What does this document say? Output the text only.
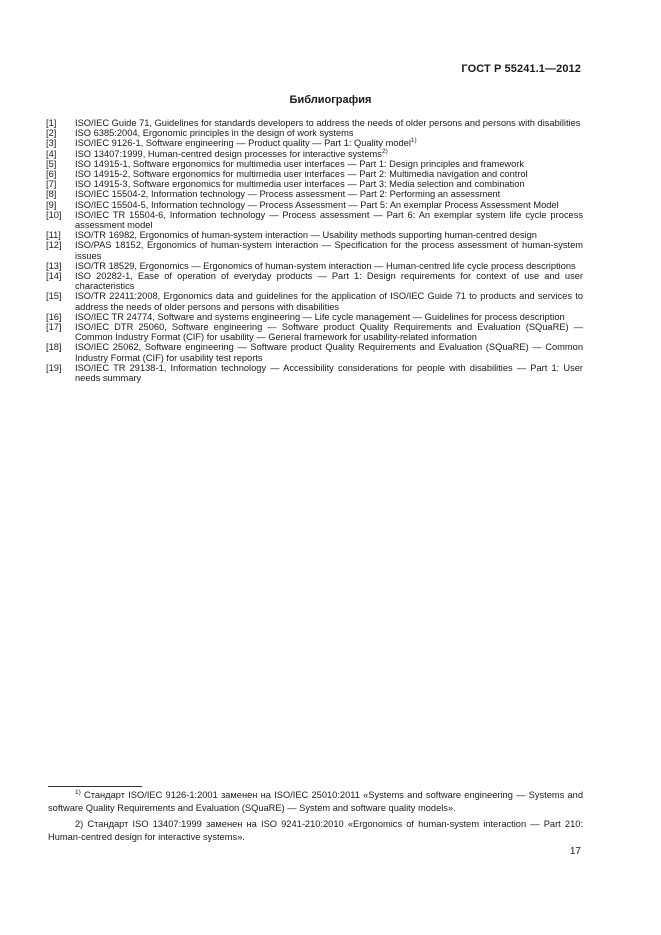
ГОСТ Р 55241.1—2012
Библиография
[1]	ISO/IEC Guide 71, Guidelines for standards developers to address the needs of older persons and persons with disabilities
[2]	ISO 6385:2004, Ergonomic principles in the design of work systems
[3]	ISO/IEC 9126-1, Software engineering — Product quality — Part 1: Quality model$^{1)}$
[4]	ISO 13407:1999, Human-centred design processes for interactive systems$^{2)}$
[5]	ISO 14915-1, Software ergonomics for multimedia user interfaces — Part 1: Design principles and framework
[6]	ISO 14915-2, Software ergonomics for multimedia user interfaces — Part 2: Multimedia navigation and control
[7]	ISO 14915-3, Software ergonomics for multimedia user interfaces — Part 3: Media selection and combination
[8]	ISO/IEC 15504-2, Information technology — Process assessment — Part 2: Performing an assessment
[9]	ISO/IEC 15504-5, Information technology — Process Assessment — Part 5: An exemplar Process Assessment Model
[10]	ISO/IEC TR 15504-6, Information technology — Process assessment — Part 6: An exemplar system life cycle process assessment model
[11]	ISO/TR 16982, Ergonomics of human-system interaction — Usability methods supporting human-centred design
[12]	ISO/PAS 18152, Ergonomics of human-system interaction — Specification for the process assessment of human-system issues
[13]	ISO/TR 18529, Ergonomics — Ergonomics of human-system interaction — Human-centred life cycle process descriptions
[14]	ISO 20282-1, Ease of operation of everyday products — Part 1: Design requirements for context of use and user characteristics
[15]	ISO/TR 22411:2008, Ergonomics data and guidelines for the application of ISO/IEC Guide 71 to products and services to address the needs of older persons and persons with disabilities
[16]	ISO/IEC TR 24774, Software and systems engineering — Life cycle management — Guidelines for process description
[17]	ISO/IEC DTR 25060, Software engineering — Software product Quality Requirements and Evaluation (SQuaRE) — Common Industry Format (CIF) for usability — General framework for usability-related information
[18]	ISO/IEC 25062, Software engineering — Software product Quality Requirements and Evaluation (SQuaRE) — Common Industry Format (CIF) for usability test reports
[19]	ISO/IEC TR 29138-1, Information technology — Accessibility considerations for people with disabilities — Part 1: User needs summary
$^{1)}$ Стандарт ISO/IEC 9126-1:2001 заменен на ISO/IEC 25010:2011 «Systems and software engineering — Systems and software Quality Requirements and Evaluation (SQuaRE) — System and software quality models».
2) Стандарт ISO 13407:1999 заменен на ISO 9241-210:2010 «Ergonomics of human-system interaction — Part 210: Human-centred design for interactive systems».
17
